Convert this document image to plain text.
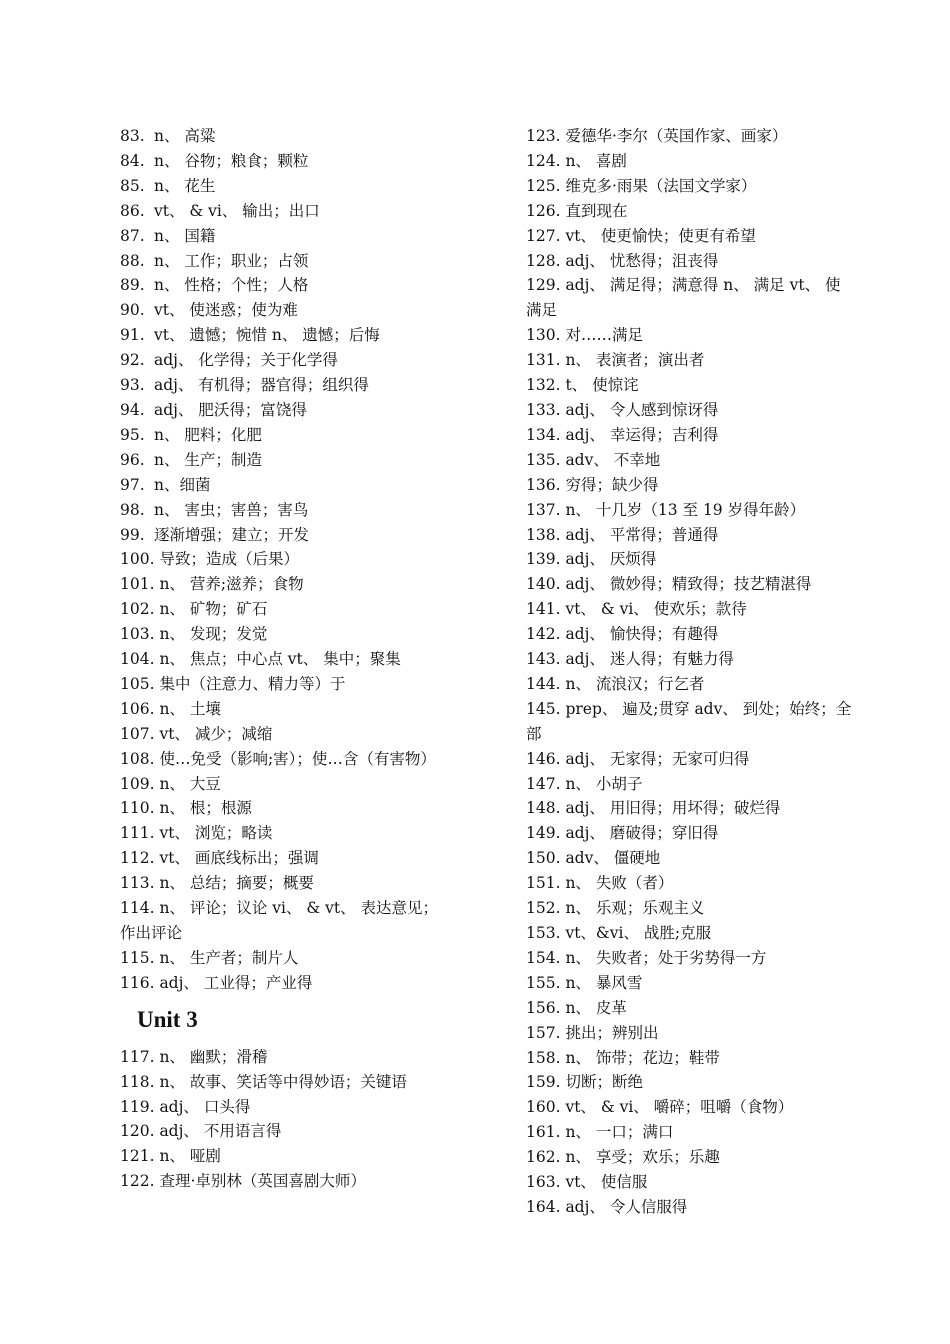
83. n、 高粱
84. n、 谷物；粮食；颗粒
85. n、 花生
86. vt、 & vi、 输出；出口
87. n、 国籍
88. n、 工作；职业；占领
89. n、 性格；个性；人格
90. vt、 使迷惑；使为难
91. vt、 遗憾；惋惜 n、 遗憾；后悔
92. adj、 化学得；关于化学得
93. adj、 有机得；器官得；组织得
94. adj、 肥沃得；富饶得
95. n、 肥料；化肥
96. n、 生产；制造
97. n、细菌
98. n、 害虫；害兽；害鸟
99. 逐渐增强；建立；开发
100. 导致；造成（后果）
101. n、 营养;滋养；食物
102. n、 矿物；矿石
103. n、 发现；发觉
104. n、 焦点；中心点 vt、 集中；聚集
105. 集中（注意力、精力等）于
106. n、 土壤
107. vt、 减少；减缩
108. 使…免受（影响;害）；使…含（有害物）
109. n、 大豆
110. n、 根；根源
111. vt、 浏览；略读
112. vt、 画底线标出；强调
113. n、 总结；摘要；概要
114. n、 评论；议论 vi、 & vt、 表达意见；作出评论
115. n、 生产者；制片人
116. adj、 工业得；产业得
Unit 3
117. n、 幽默；滑稽
118. n、 故事、笑话等中得妙语；关键语
119. adj、 口头得
120. adj、 不用语言得
121. n、 哑剧
122. 查理·卓别林（英国喜剧大师）
123. 爱德华·李尔（英国作家、画家）
124. n、 喜剧
125. 维克多·雨果（法国文学家）
126. 直到现在
127. vt、 使更愉快；使更有希望
128. adj、 忧愁得；沮丧得
129. adj、 满足得；满意得 n、 满足 vt、 使满足
130. 对……满足
131. n、 表演者；演出者
132. t、 使惊诧
133. adj、 令人感到惊讶得
134. adj、 幸运得；吉利得
135. adv、 不幸地
136. 穷得；缺少得
137. n、 十几岁（13 至 19 岁得年龄）
138. adj、 平常得；普通得
139. adj、 厌烦得
140. adj、 微妙得；精致得；技艺精湛得
141. vt、 & vi、 使欢乐；款待
142. adj、 愉快得；有趣得
143. adj、 迷人得；有魅力得
144. n、 流浪汉；行乞者
145. prep、 遍及;贯穿 adv、 到处；始终；全部
146. adj、 无家得；无家可归得
147. n、 小胡子
148. adj、 用旧得；用坏得；破烂得
149. adj、 磨破得；穿旧得
150. adv、 僵硬地
151. n、 失败（者）
152. n、 乐观；乐观主义
153. vt、&vi、 战胜;克服
154. n、 失败者；处于劣势得一方
155. n、 暴风雪
156. n、 皮革
157. 挑出；辨别出
158. n、 饰带；花边；鞋带
159. 切断；断绝
160. vt、 & vi、 嚼碎；咀嚼（食物）
161. n、 一口；满口
162. n、 享受；欢乐；乐趣
163. vt、 使信服
164. adj、 令人信服得
